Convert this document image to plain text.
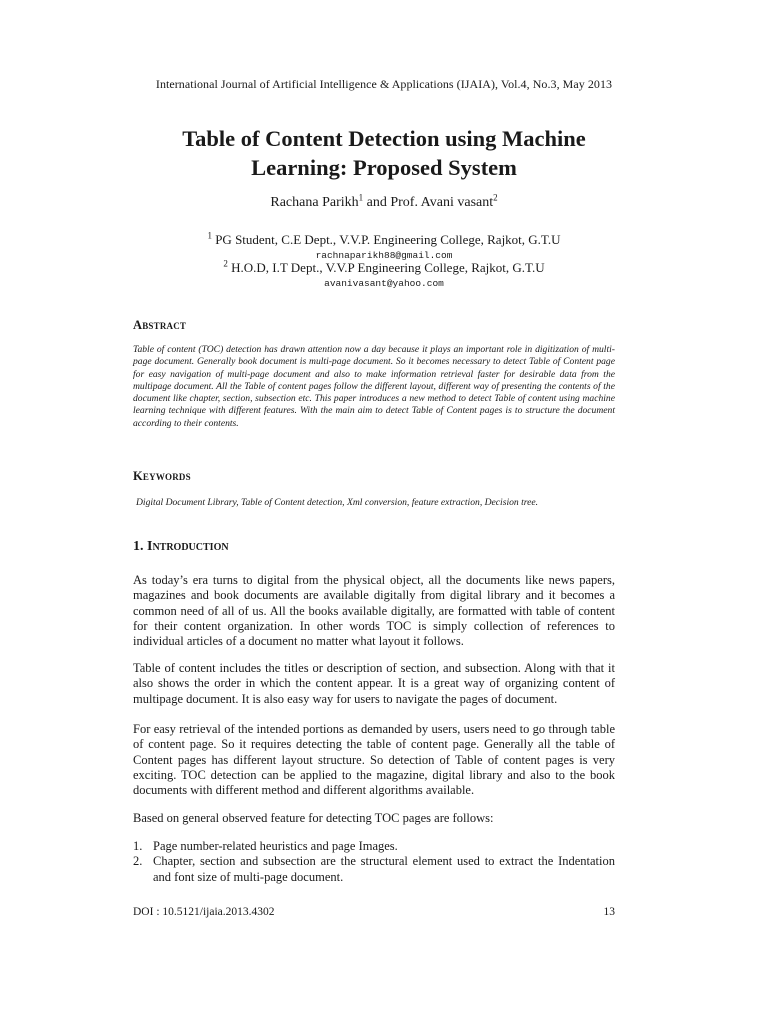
International Journal of Artificial Intelligence & Applications (IJAIA), Vol.4, No.3, May 2013
Table of Content Detection using Machine
Learning: Proposed System
Rachana Parikh$^1$ and Prof. Avani vasant$^2$
$^1$ PG Student, C.E Dept., V.V.P. Engineering College, Rajkot, G.T.U
rachnaparikh88@gmail.com
$^2$ H.O.D, I.T Dept., V.V.P Engineering College, Rajkot, G.T.U
avanivasant@yahoo.com
Abstract
Table of content (TOC) detection has drawn attention now a day because it plays an important role in digitization of multi-page document. Generally book document is multi-page document. So it becomes necessary to detect Table of Content page for easy navigation of multi-page document and also to make information retrieval faster for desirable data from the multipage document. All the Table of content pages follow the different layout, different way of presenting the contents of the document like chapter, section, subsection etc. This paper introduces a new method to detect Table of content using machine learning technique with different features. With the main aim to detect Table of Content pages is to structure the document according to their contents.
Keywords
Digital Document Library, Table of Content detection, Xml conversion, feature extraction, Decision tree.
1. Introduction
As today’s era turns to digital from the physical object, all the documents like news papers, magazines and book documents are available digitally from digital library and it becomes a common need of all of us. All the books available digitally, are formatted with table of content for their content organization. In other words TOC is simply collection of references to individual articles of a document no matter what layout it follows.
Table of content includes the titles or description of section, and subsection. Along with that it also shows the order in which the content appear. It is a great way of organizing content of multipage document. It is also easy way for users to navigate the pages of document.
For easy retrieval of the intended portions as demanded by users, users need to go through table of content page. So it requires detecting the table of content page. Generally all the table of Content pages has different layout structure. So detection of Table of content pages is very exciting. TOC detection can be applied to the magazine, digital library and also to the book documents with different method and different algorithms available.
Based on general observed feature for detecting TOC pages are follows:
1. Page number-related heuristics and page Images.
2. Chapter, section and subsection are the structural element used to extract the Indentation and font size of multi-page document.
DOI : 10.5121/ijaia.2013.4302	13
